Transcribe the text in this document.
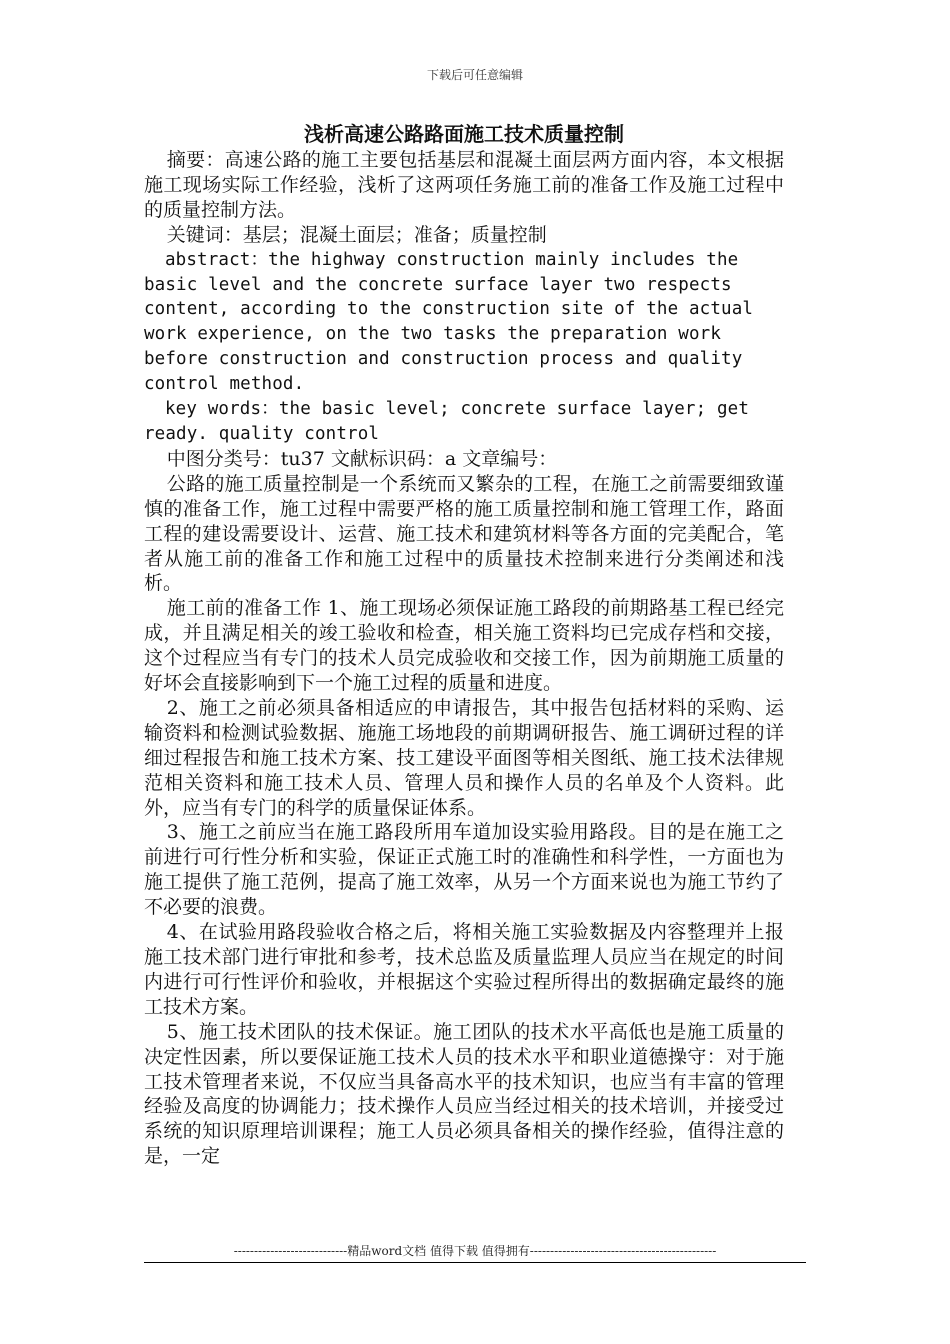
下载后可任意编辑
浅析高速公路路面施工技术质量控制

摘要：高速公路的施工主要包括基层和混凝土面层两方面内容，本文根据施工现场实际工作经验，浅析了这两项任务施工前的准备工作及施工过程中的质量控制方法。

关键词：基层；混凝土面层；准备；质量控制

abstract：the highway construction mainly includes the basic level and the concrete surface layer two respects content, according to the construction site of the actual work experience, on the two tasks the preparation work before construction and construction process and quality control method.

key words：the basic level; concrete surface layer; get ready. quality control

中图分类号：tu37 文献标识码：a 文章编号：

公路的施工质量控制是一个系统而又繁杂的工程，在施工之前需要细致谨慎的准备工作，施工过程中需要严格的施工质量控制和施工管理工作，路面工程的建设需要设计、运营、施工技术和建筑材料等各方面的完美配合，笔者从施工前的准备工作和施工过程中的质量技术控制来进行分类阐述和浅析。

施工前的准备工作 1、施工现场必须保证施工路段的前期路基工程已经完成，并且满足相关的竣工验收和检查，相关施工资料均已完成存档和交接，这个过程应当有专门的技术人员完成验收和交接工作，因为前期施工质量的好坏会直接影响到下一个施工过程的质量和进度。

2、施工之前必须具备相适应的申请报告，其中报告包括材料的采购、运输资料和检测试验数据、施施工场地段的前期调研报告、施工调研过程的详细过程报告和施工技术方案、技工建设平面图等相关图纸、施工技术法律规范相关资料和施工技术人员、管理人员和操作人员的名单及个人资料。此外，应当有专门的科学的质量保证体系。

3、施工之前应当在施工路段所用车道加设实验用路段。目的是在施工之前进行可行性分析和实验，保证正式施工时的准确性和科学性，一方面也为施工提供了施工范例，提高了施工效率，从另一个方面来说也为施工节约了不必要的浪费。

4、在试验用路段验收合格之后，将相关施工实验数据及内容整理并上报施工技术部门进行审批和参考，技术总监及质量监理人员应当在规定的时间内进行可行性评价和验收，并根据这个实验过程所得出的数据确定最终的施工技术方案。

5、施工技术团队的技术保证。施工团队的技术水平高低也是施工质量的决定性因素，所以要保证施工技术人员的技术水平和职业道德操守：对于施工技术管理者来说，不仅应当具备高水平的技术知识，也应当有丰富的管理经验及高度的协调能力；技术操作人员应当经过相关的技术培训，并接受过系统的知识原理培训课程；施工人员必须具备相关的操作经验，值得注意的是，一定

----------------------------精品word文档 值得下载 值得拥有----------------------------------------------
